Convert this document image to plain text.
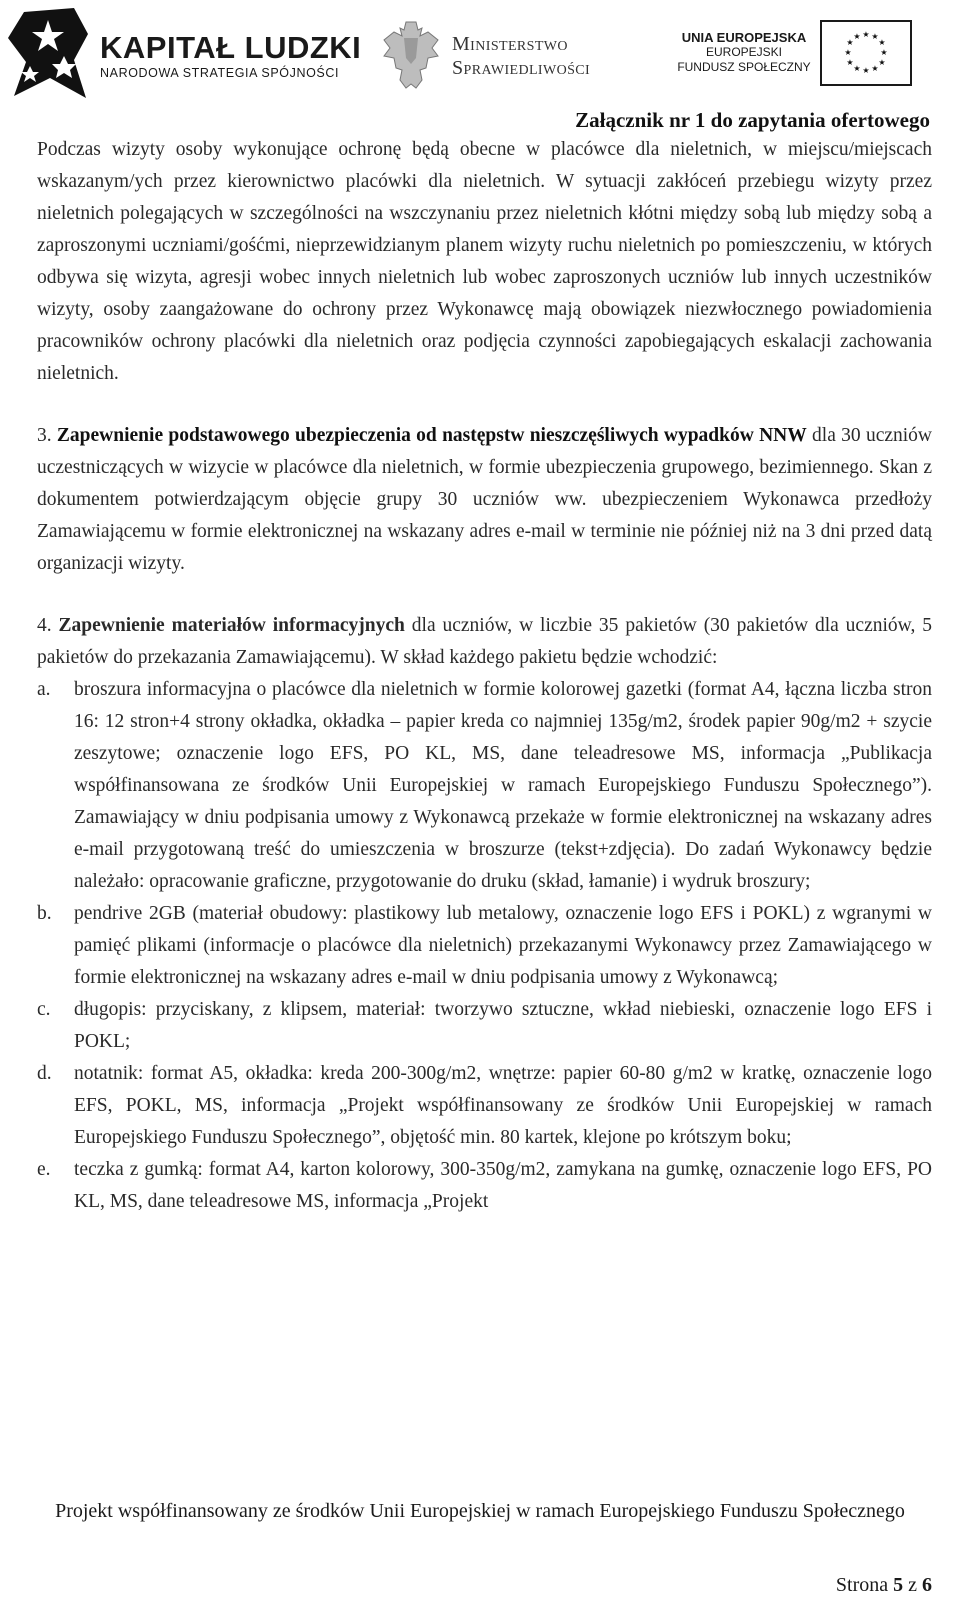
KAPITAŁ LUDZKI
NARODOWA STRATEGIA SPÓJNOŚCI
Ministerstwo
Sprawiedliwości
UNIA EUROPEJSKA
EUROPEJSKI
FUNDUSZ SPOŁECZNY
★ ★
★
★
★
★
★
★
★
★
★
★
Załącznik nr 1 do zapytania ofertowego

Podczas wizyty osoby wykonujące ochronę będą obecne w placówce dla nieletnich, w miejscu/miejscach wskazanym/ych przez kierownictwo placówki dla nieletnich. W sytuacji zakłóceń przebiegu wizyty przez nieletnich polegających w szczególności na wszczynaniu przez nieletnich kłótni między sobą lub między sobą a zaproszonymi uczniami/gośćmi, nieprzewidzianym planem wizyty ruchu nieletnich po pomieszczeniu, w których odbywa się wizyta, agresji wobec innych nieletnich lub wobec zaproszonych uczniów lub innych uczestników wizyty, osoby zaangażowane do ochrony przez Wykonawcę mają obowiązek niezwłocznego powiadomienia pracowników ochrony placówki dla nieletnich oraz podjęcia czynności zapobiegających eskalacji zachowania nieletnich.

3. Zapewnienie podstawowego ubezpieczenia od następstw nieszczęśliwych wypadków NNW dla 30 uczniów uczestniczących w wizycie w placówce dla nieletnich, w formie ubezpieczenia grupowego, bezimiennego. Skan z dokumentem potwierdzającym objęcie grupy 30 uczniów ww. ubezpieczeniem Wykonawca przedłoży Zamawiającemu w formie elektronicznej na wskazany adres e-mail w terminie nie później niż na 3 dni przed datą organizacji wizyty.

4. Zapewnienie materiałów informacyjnych dla uczniów, w liczbie 35 pakietów (30 pakietów dla uczniów, 5 pakietów do przekazania Zamawiającemu). W skład każdego pakietu będzie wchodzić:

a. broszura informacyjna o placówce dla nieletnich w formie kolorowej gazetki (format A4, łączna liczba stron 16: 12 stron+4 strony okładka, okładka – papier kreda co najmniej 135g/m2, środek papier 90g/m2 + szycie zeszytowe; oznaczenie logo EFS, PO KL, MS, dane teleadresowe MS, informacja „Publikacja współfinansowana ze środków Unii Europejskiej w ramach Europejskiego Funduszu Społecznego”). Zamawiający w dniu podpisania umowy z Wykonawcą przekaże w formie elektronicznej na wskazany adres e-mail przygotowaną treść do umieszczenia w broszurze (tekst+zdjęcia). Do zadań Wykonawcy będzie należało: opracowanie graficzne, przygotowanie do druku (skład, łamanie) i wydruk broszury;
b. pendrive 2GB (materiał obudowy: plastikowy lub metalowy, oznaczenie logo EFS i POKL) z wgranymi w pamięć plikami (informacje o placówce dla nieletnich) przekazanymi Wykonawcy przez Zamawiającego w formie elektronicznej na wskazany adres e-mail w dniu podpisania umowy z Wykonawcą;
c. długopis: przyciskany, z klipsem, materiał: tworzywo sztuczne, wkład niebieski, oznaczenie logo EFS i POKL;
d. notatnik: format A5, okładka: kreda 200-300g/m2, wnętrze: papier 60-80 g/m2 w kratkę, oznaczenie logo EFS, POKL, MS, informacja „Projekt współfinansowany ze środków Unii Europejskiej w ramach Europejskiego Funduszu Społecznego”, objętość min. 80 kartek, klejone po krótszym boku;
e. teczka z gumką: format A4, karton kolorowy, 300-350g/m2, zamykana na gumkę, oznaczenie logo EFS, PO KL, MS, dane teleadresowe MS, informacja „Projekt
Projekt współfinansowany ze środków Unii Europejskiej w ramach Europejskiego Funduszu Społecznego
Strona 5 z 6
